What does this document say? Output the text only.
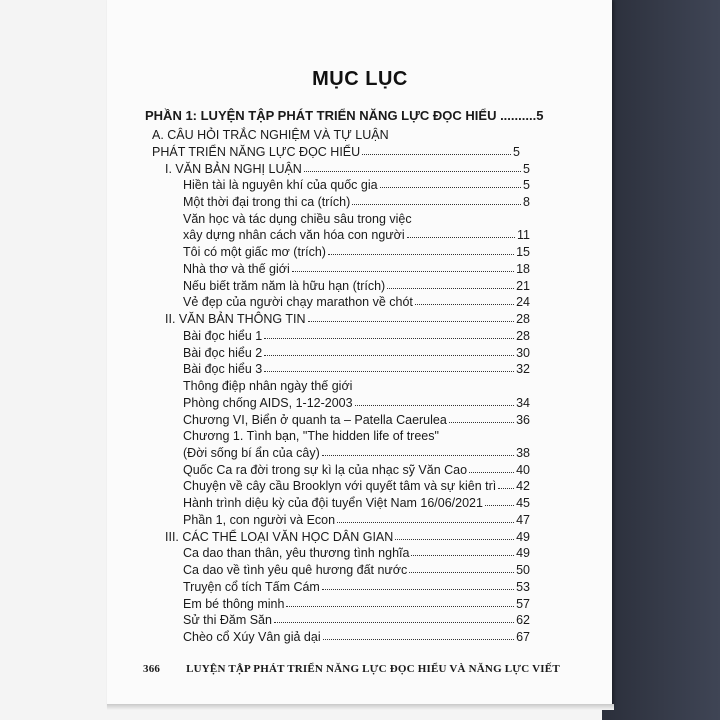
MỤC LỤC
PHẦN 1: LUYỆN TẬP PHÁT TRIỂN NĂNG LỰC ĐỌC HIỂU .......... 5
A. CÂU HỎI TRẮC NGHIỆM VÀ TỰ LUẬN
PHÁT TRIỂN NĂNG LỰC ĐỌC HIỂU	5
I. VĂN BẢN NGHỊ LUẬN	5
Hiền tài là nguyên khí của quốc gia	5
Một thời đại trong thi ca (trích)	8
Văn học và tác dụng chiều sâu trong việc
xây dựng nhân cách văn hóa con người	11
Tôi có một giấc mơ (trích)	15
Nhà thơ và thế giới	18
Nếu biết trăm năm là hữu hạn (trích)	21
Vẻ đẹp của người chạy marathon về chót	24
II. VĂN BẢN THÔNG TIN	28
Bài đọc hiểu 1	28
Bài đọc hiểu 2	30
Bài đọc hiểu 3	32
Thông điệp nhân ngày thế giới
Phòng chống AIDS, 1-12-2003	34
Chương VI, Biển ở quanh ta – Patella Caerulea	36
Chương 1. Tình bạn, "The hidden life of trees"
(Đời sống bí ẩn của cây)	38
Quốc Ca ra đời trong sự kì lạ của nhạc sỹ Văn Cao	40
Chuyện về cây cầu Brooklyn với quyết tâm và sự kiên trì 42
Hành trình diệu kỳ của đội tuyển Việt Nam 16/06/2021	45
Phần 1, con người và Econ	47
III. CÁC THỂ LOẠI VĂN HỌC DÂN GIAN	49
Ca dao than thân, yêu thương tình nghĩa	49
Ca dao về tình yêu quê hương đất nước	50
Truyện cổ tích Tấm Cám	53
Em bé thông minh	57
Sử thi Đăm Săn	62
Chèo cổ Xúy Vân giả dại	67
366 LUYỆN TẬP PHÁT TRIỂN NĂNG LỰC ĐỌC HIỂU VÀ NĂNG LỰC VIẾT
